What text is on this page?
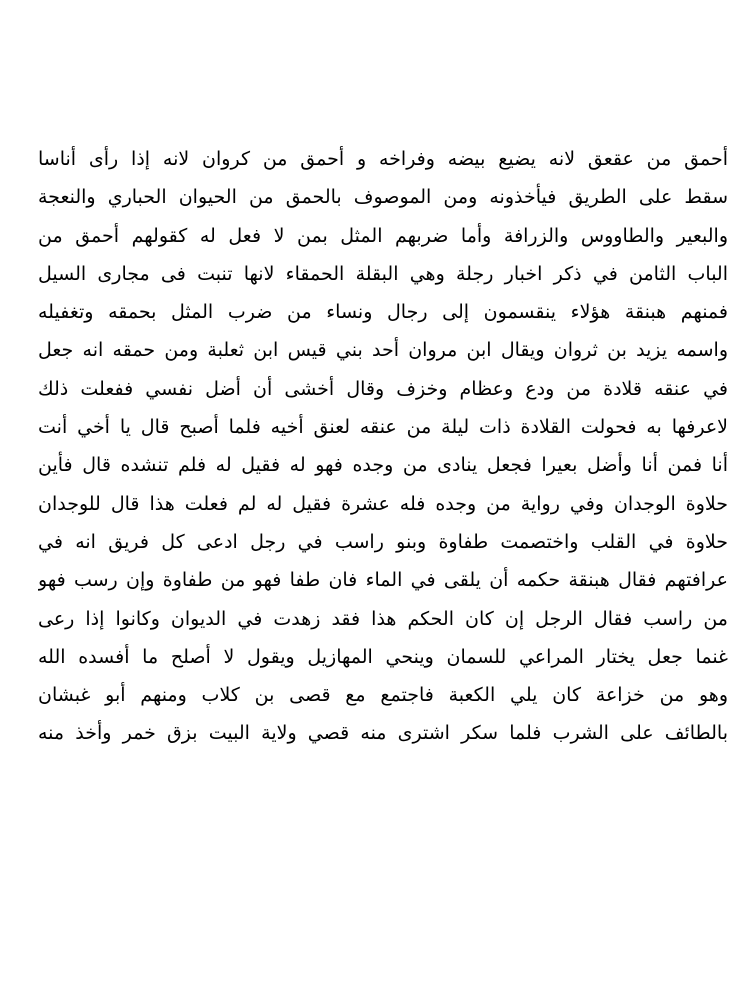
أحمق من عقعق لانه يضيع بيضه وفراخه و أحمق من كروان لانه إذا رأى أناسا
سقط على الطريق فيأخذونه ومن الموصوف بالحمق من الحيوان الحباري والنعجة
والبعير والطاووس والزرافة وأما ضربهم المثل بمن لا فعل له كقولهم أحمق من
الباب الثامن في ذكر اخبار رجلة وهي البقلة الحمقاء لانها تنبت فى مجارى السيل
فمنهم هبنقة هؤلاء ينقسمون إلى رجال ونساء من ضرب المثل بحمقه وتغفيله
واسمه يزيد بن ثروان ويقال ابن مروان أحد بني قيس ابن ثعلبة ومن حمقه انه جعل
في عنقه قلادة من ودع وعظام وخزف وقال أخشى أن أضل نفسي ففعلت ذلك
لاعرفها به فحولت القلادة ذات ليلة من عنقه لعنق أخيه فلما أصبح قال يا أخي أنت
أنا فمن أنا وأضل بعيرا فجعل ينادى من وجده فهو له فقيل له فلم تنشده قال فأين
حلاوة الوجدان وفي رواية من وجده فله عشرة فقيل له لم فعلت هذا قال للوجدان
حلاوة في القلب واختصمت طفاوة وبنو راسب في رجل ادعى كل فريق انه في
عرافتهم فقال هبنقة حكمه أن يلقى في الماء فان طفا فهو من طفاوة وإن رسب فهو
من راسب فقال الرجل إن كان الحكم هذا فقد زهدت في الديوان وكانوا إذا رعى
غنما جعل يختار المراعي للسمان وينحي المهازيل ويقول لا أصلح ما أفسده الله
وهو من خزاعة كان يلي الكعبة فاجتمع مع قصى بن كلاب ومنهم أبو غبشان
بالطائف على الشرب فلما سكر اشترى منه قصي ولاية البيت بزق خمر وأخذ منه
